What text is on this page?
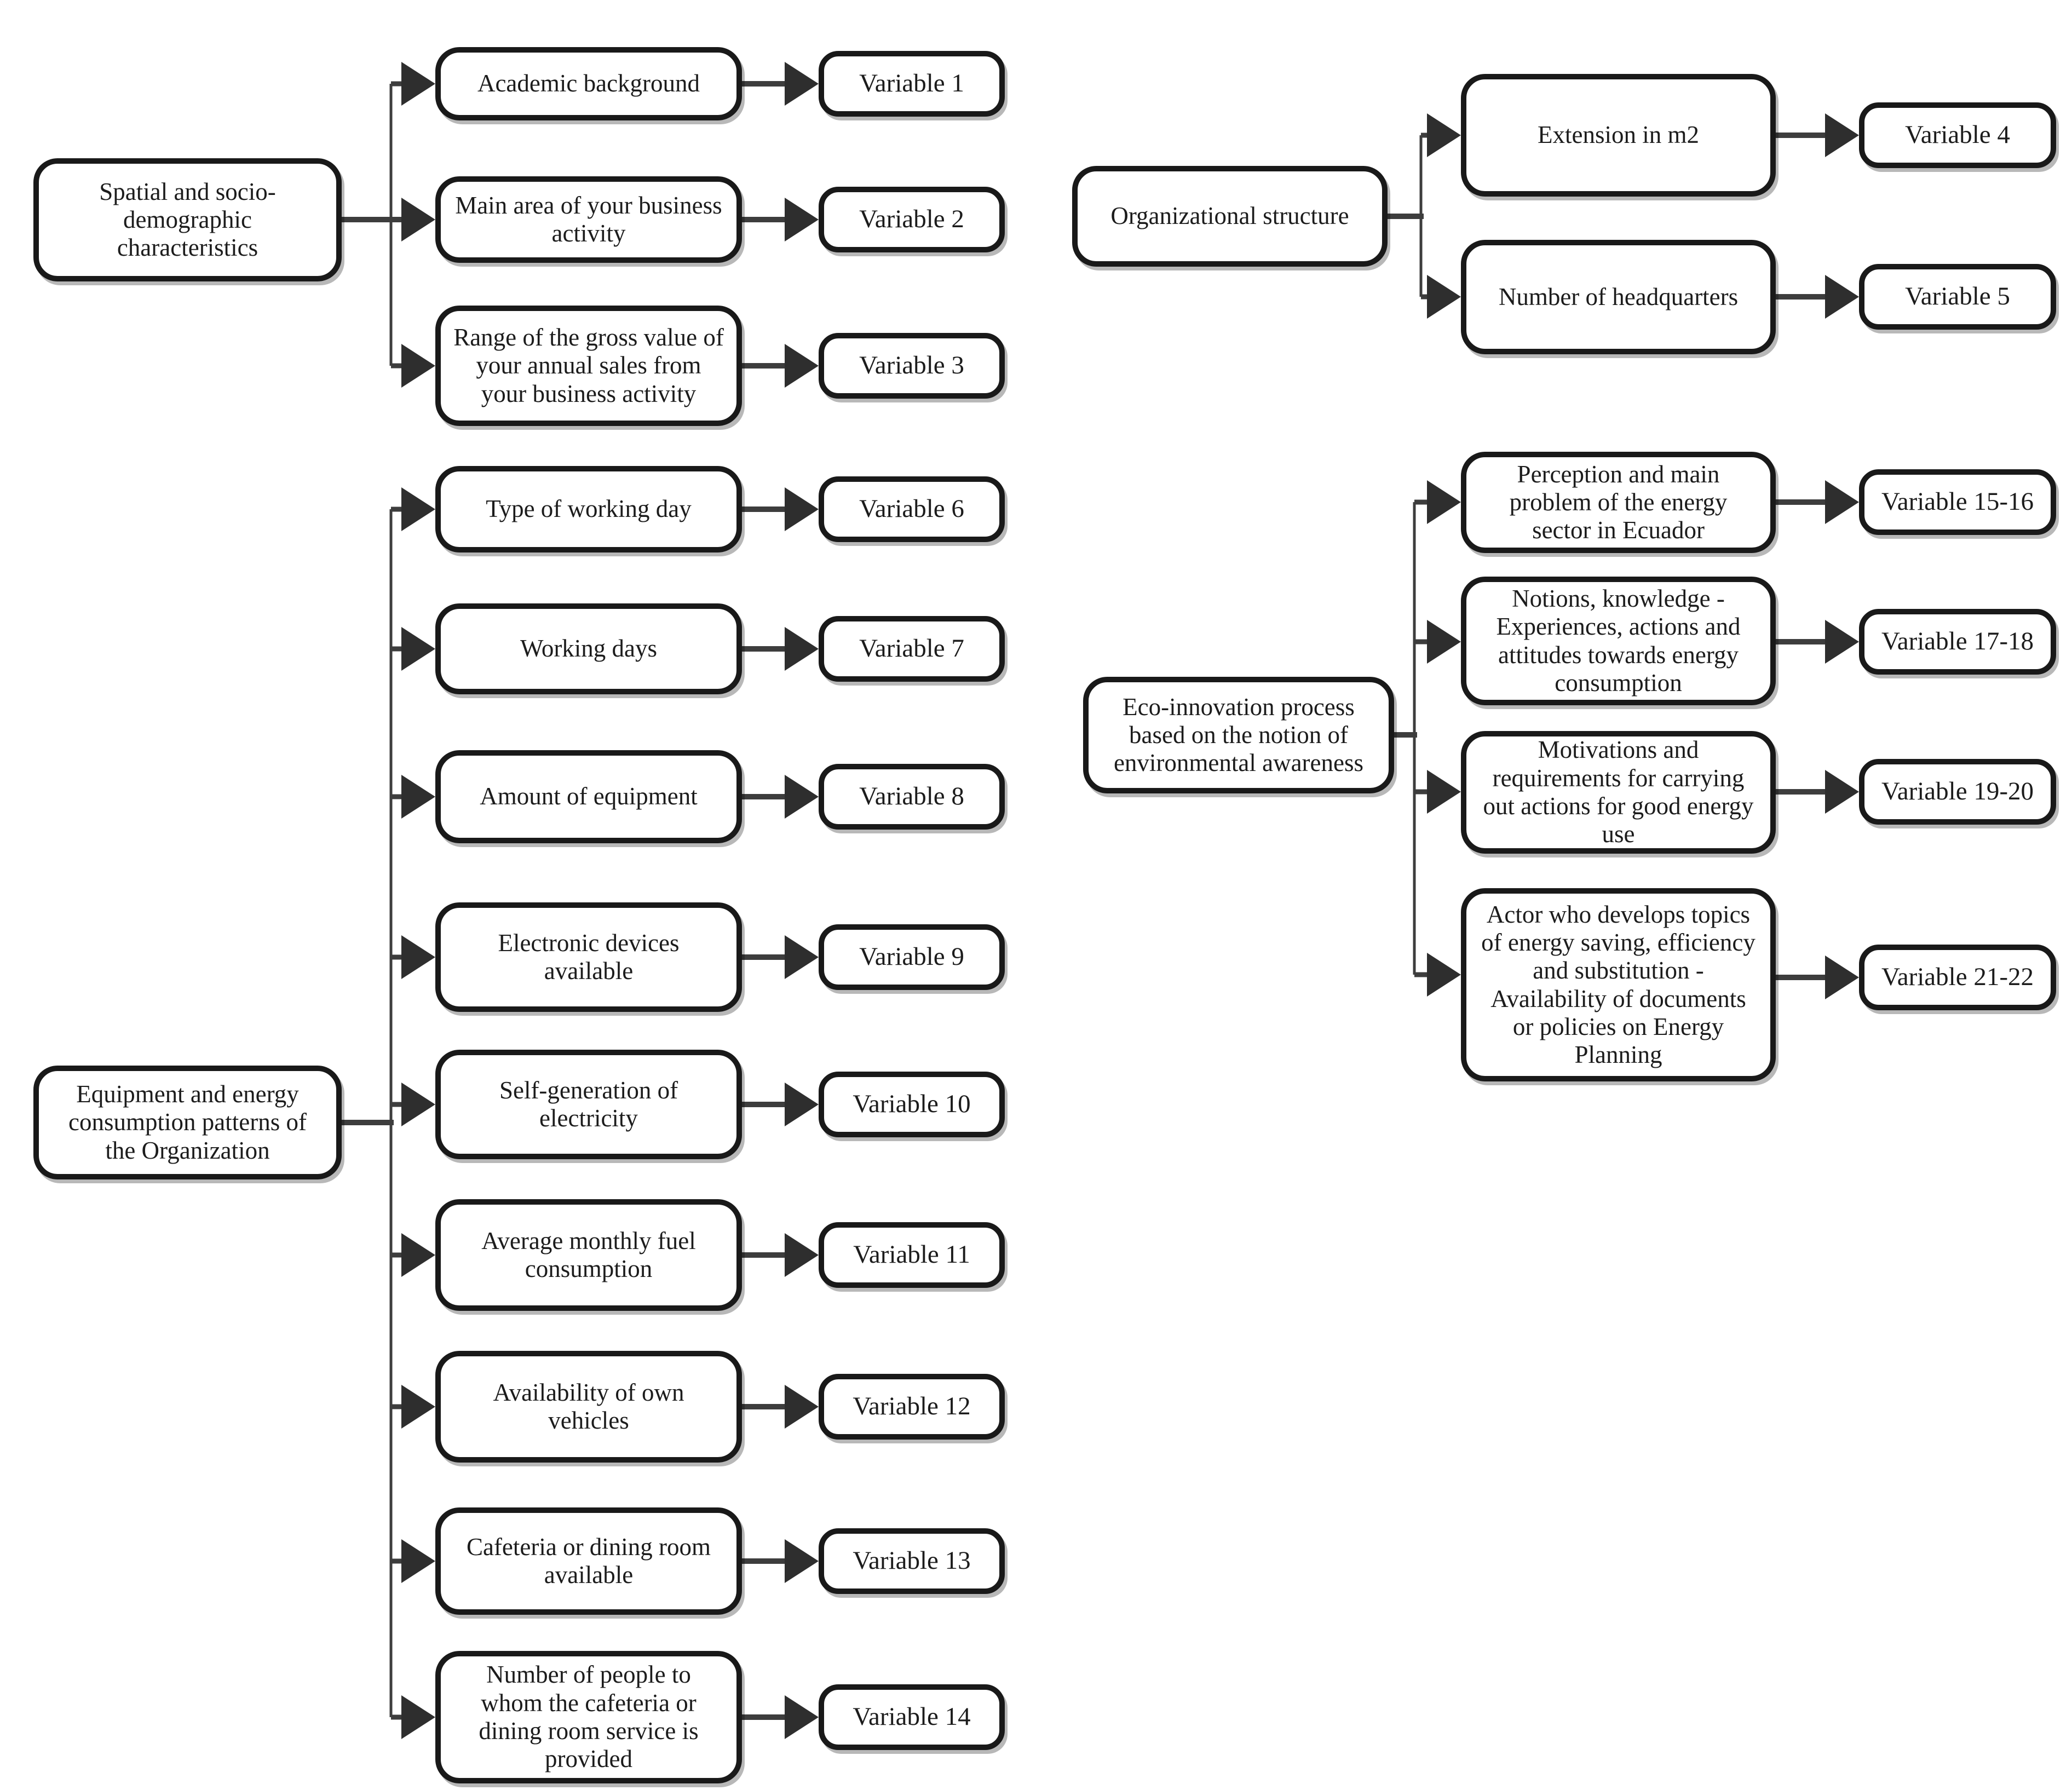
Spatial and socio-demographic characteristics
Academic background
Main area of your business activity
Range of the gross value of your annual sales from your business activity
Variable 1
Variable 2
Variable 3
Organizational structure
Extension in m2
Number of headquarters
Variable 4
Variable 5
Equipment and energy consumption patterns of the Organization
Type of working day
Working days
Amount of equipment
Electronic devices available
Self-generation of electricity
Average monthly fuel consumption
Availability of own vehicles
Cafeteria or dining room available
Number of people to whom the cafeteria or dining room service is provided
Variable 6
Variable 7
Variable 8
Variable 9
Variable 10
Variable 11
Variable 12
Variable 13
Variable 14
Eco-innovation process based on the notion of environmental awareness
Perception and main problem of the energy sector in Ecuador
Notions, knowledge - Experiences, actions and attitudes towards energy consumption
Motivations and requirements for carrying out actions for good energy use
Actor who develops topics of energy saving, efficiency and substitution - Availability of documents or policies on Energy Planning
Variable 15-16
Variable 17-18
Variable 19-20
Variable 21-22
